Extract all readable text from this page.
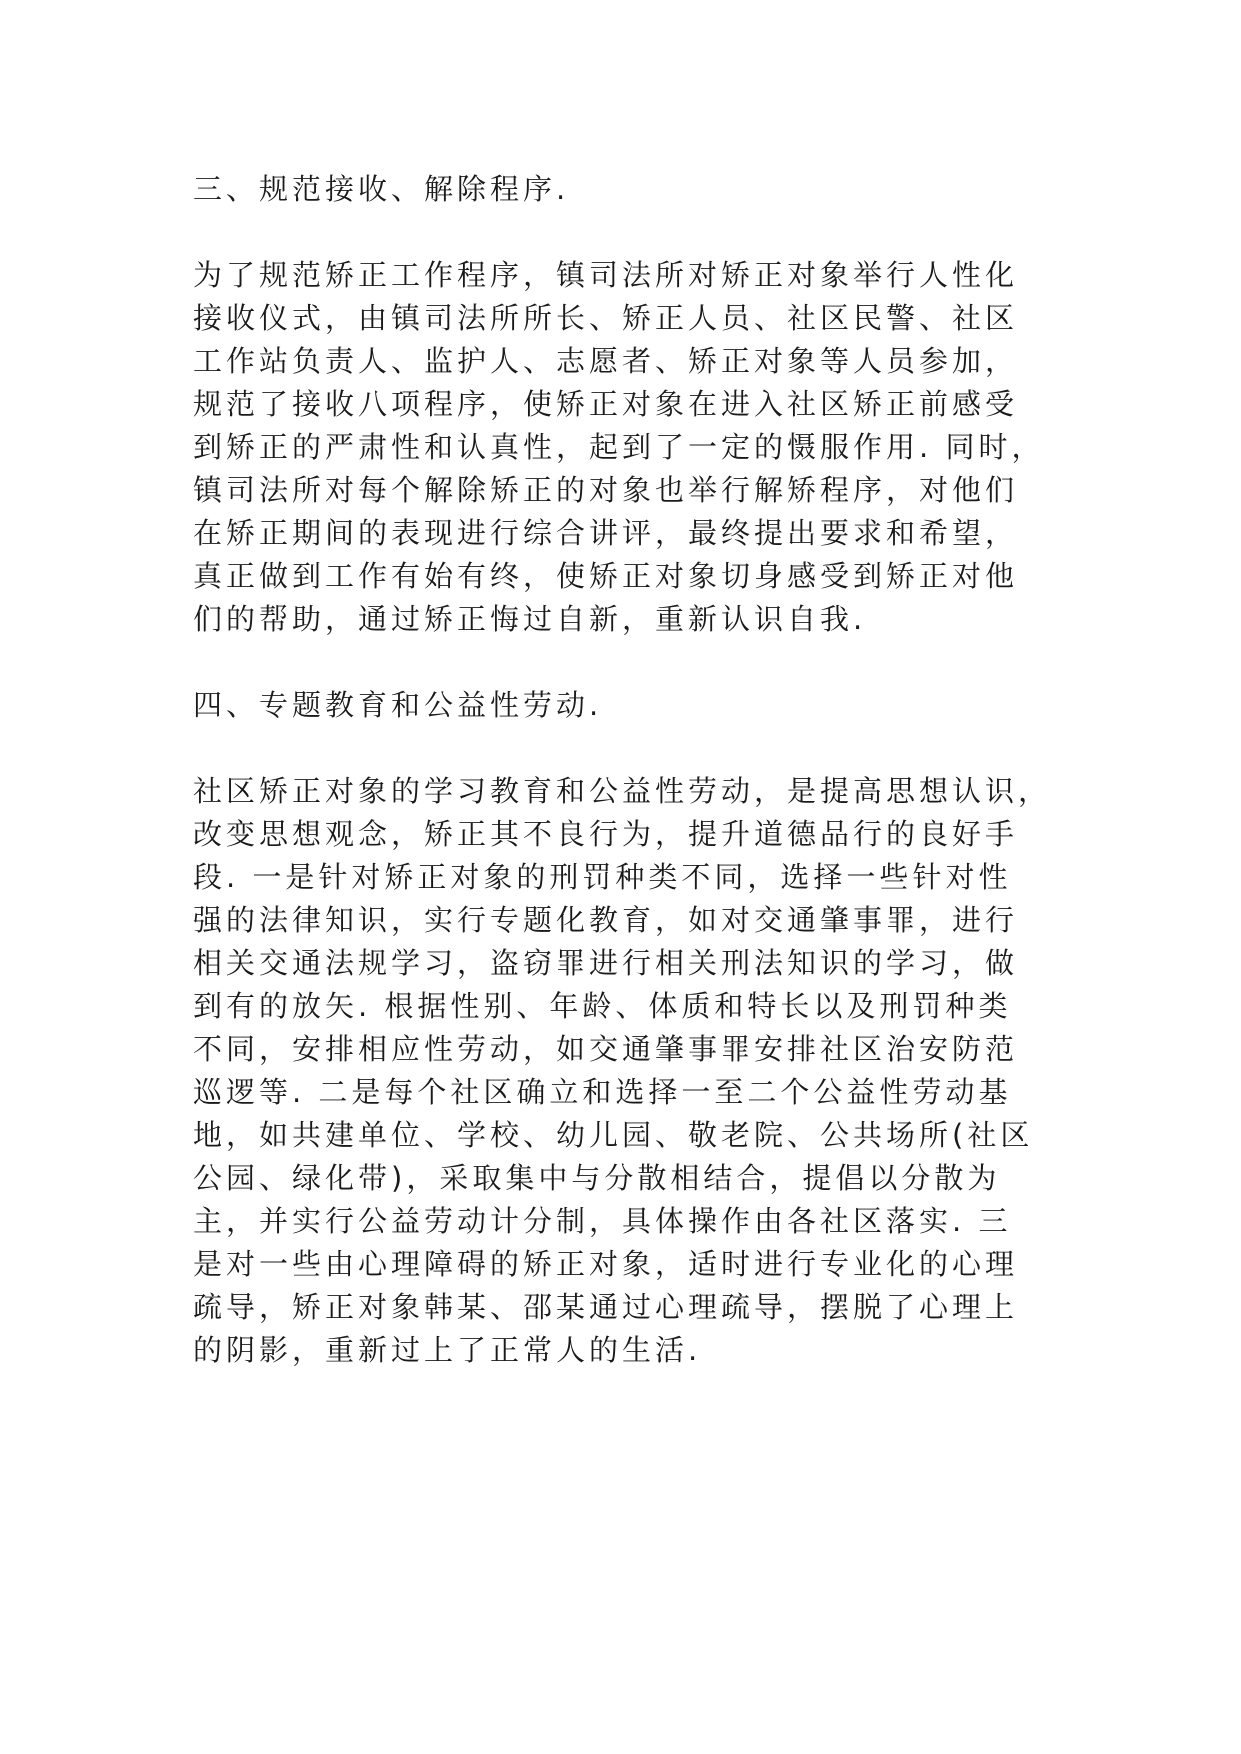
三、规范接收、解除程序.
为了规范矫正工作程序，镇司法所对矫正对象举行人性化
接收仪式，由镇司法所所长、矫正人员、社区民警、社区
工作站负责人、监护人、志愿者、矫正对象等人员参加，
规范了接收八项程序，使矫正对象在进入社区矫正前感受
到矫正的严肃性和认真性，起到了一定的慑服作用. 同时，
镇司法所对每个解除矫正的对象也举行解矫程序，对他们
在矫正期间的表现进行综合讲评，最终提出要求和希望，
真正做到工作有始有终，使矫正对象切身感受到矫正对他
们的帮助，通过矫正悔过自新，重新认识自我.
四、专题教育和公益性劳动.
社区矫正对象的学习教育和公益性劳动，是提高思想认识，
改变思想观念，矫正其不良行为，提升道德品行的良好手
段. 一是针对矫正对象的刑罚种类不同，选择一些针对性
强的法律知识，实行专题化教育，如对交通肇事罪，进行
相关交通法规学习，盗窃罪进行相关刑法知识的学习，做
到有的放矢. 根据性别、年龄、体质和特长以及刑罚种类
不同，安排相应性劳动，如交通肇事罪安排社区治安防范
巡逻等. 二是每个社区确立和选择一至二个公益性劳动基
地，如共建单位、学校、幼儿园、敬老院、公共场所(社区
公园、绿化带)，采取集中与分散相结合，提倡以分散为
主，并实行公益劳动计分制，具体操作由各社区落实. 三
是对一些由心理障碍的矫正对象，适时进行专业化的心理
疏导，矫正对象韩某、邵某通过心理疏导，摆脱了心理上
的阴影，重新过上了正常人的生活.
